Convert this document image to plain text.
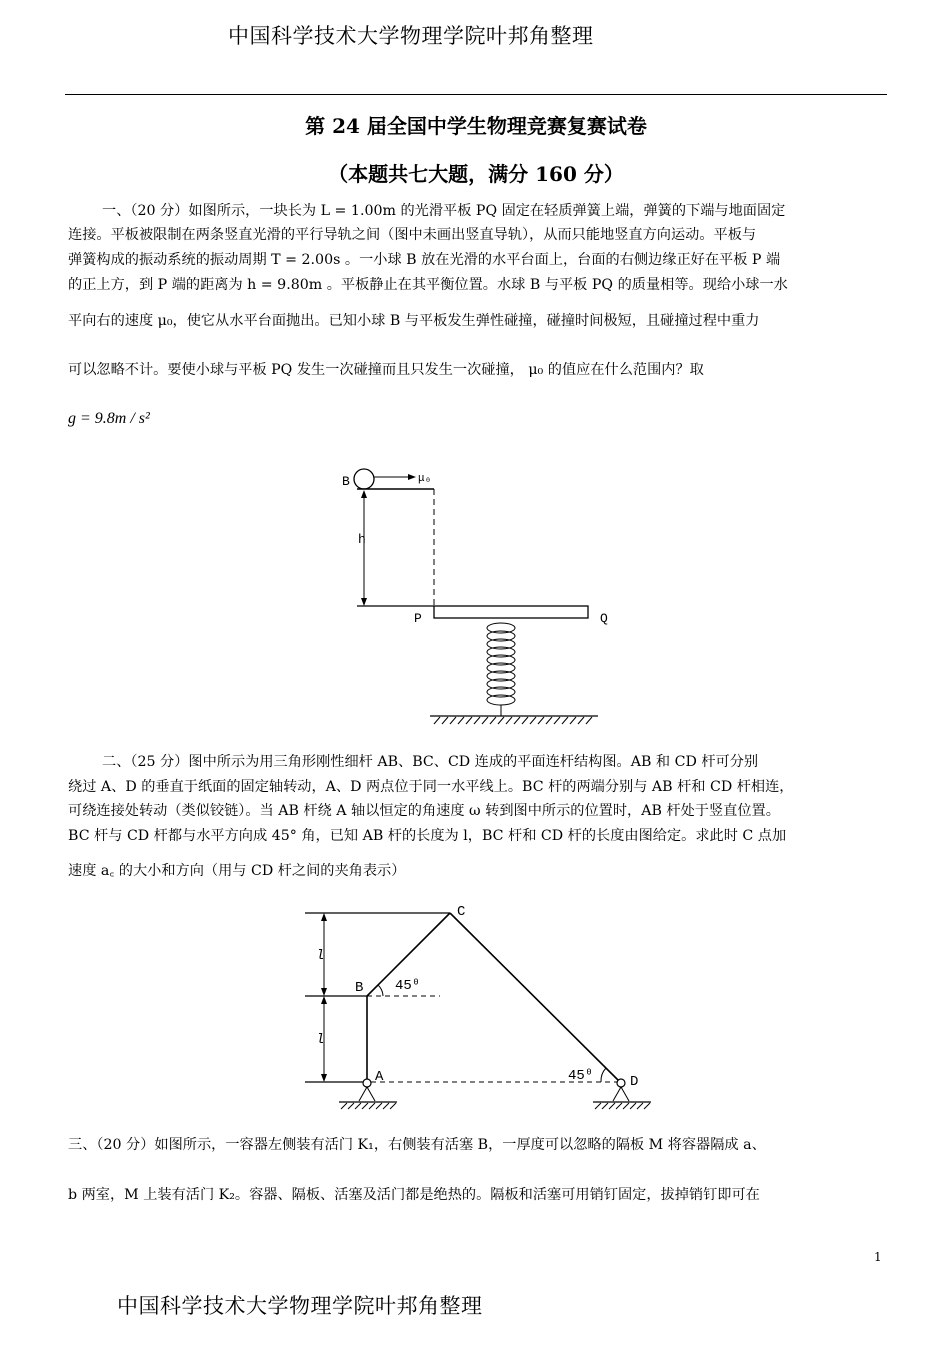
中国科学技术大学物理学院叶邦角整理
第 24 届全国中学生物理竞赛复赛试卷
（本题共七大题，满分 160 分）
一、（20 分）如图所示，一块长为 L = 1.00m 的光滑平板 PQ 固定在轻质弹簧上端，弹簧的下端与地面固定
连接。平板被限制在两条竖直光滑的平行导轨之间（图中未画出竖直导轨），从而只能地竖直方向运动。平板与
弹簧构成的振动系统的振动周期 T = 2.00s 。一小球 B 放在光滑的水平台面上，台面的右侧边缘正好在平板 P 端
的正上方，到 P 端的距离为 h = 9.80m 。平板静止在其平衡位置。水球 B 与平板 PQ 的质量相等。现给小球一水
平向右的速度 μ₀，使它从水平台面抛出。已知小球 B 与平板发生弹性碰撞，碰撞时间极短，且碰撞过程中重力
可以忽略不计。要使小球与平板 PQ 发生一次碰撞而且只发生一次碰撞， μ₀ 的值应在什么范围内？取
g = 9.8m / s²
B	μ₀
h
P	Q
二、（25 分）图中所示为用三角形刚性细杆 AB、BC、CD 连成的平面连杆结构图。AB 和 CD 杆可分别
绕过 A、D 的垂直于纸面的固定轴转动，A、D 两点位于同一水平线上。BC 杆的两端分别与 AB 杆和 CD 杆相连，
可绕连接处转动（类似铰链）。当 AB 杆绕 A 轴以恒定的角速度 ω 转到图中所示的位置时，AB 杆处于竖直位置。
BC 杆与 CD 杆都与水平方向成 45° 角，已知 AB 杆的长度为 l，BC 杆和 CD 杆的长度由图给定。求此时 C 点加
速度 a꜀ 的大小和方向（用与 CD 杆之间的夹角表示）
l
l
C
B 45⁰
A	45⁰	D
三、（20 分）如图所示，一容器左侧装有活门 K₁，右侧装有活塞 B，一厚度可以忽略的隔板 M 将容器隔成 a、
b 两室，M 上装有活门 K₂。容器、隔板、活塞及活门都是绝热的。隔板和活塞可用销钉固定，拔掉销钉即可在
1
中国科学技术大学物理学院叶邦角整理
